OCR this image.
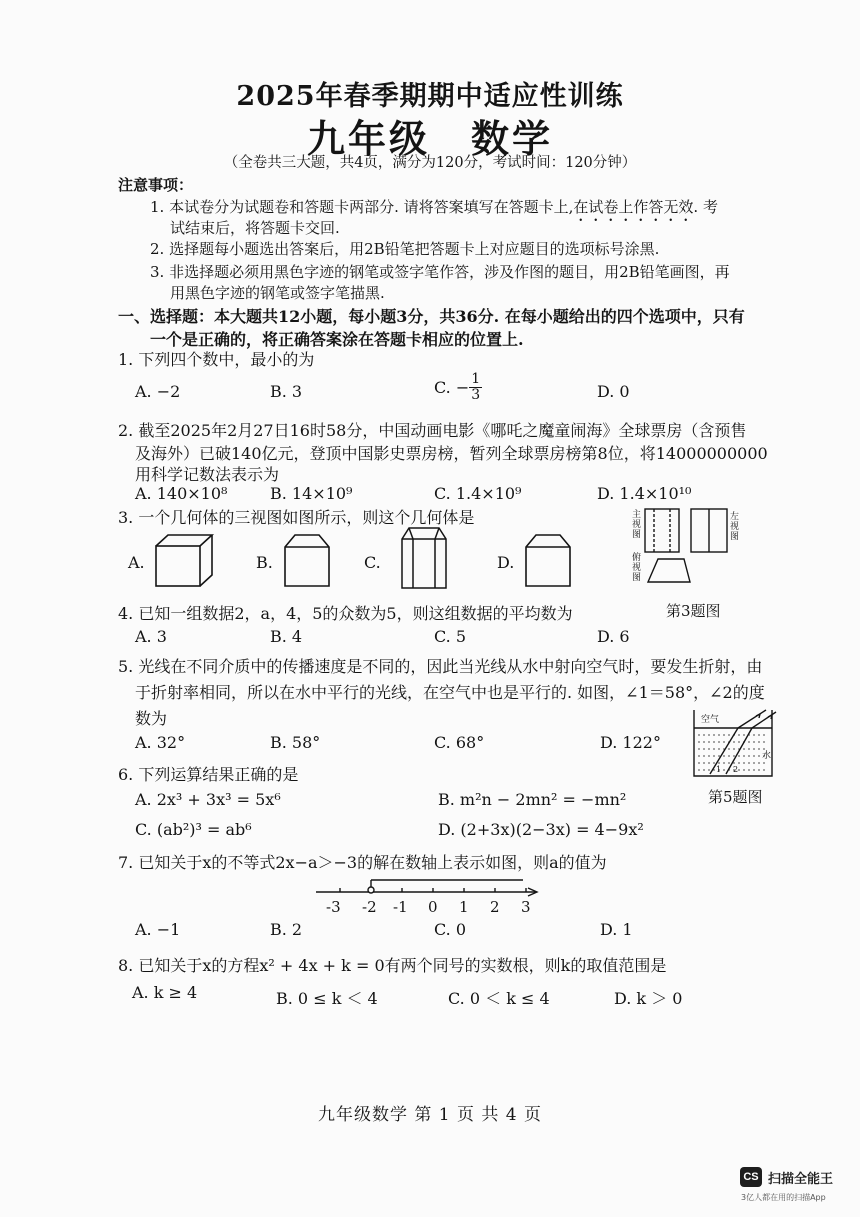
2025年春季期期中适应性训练
九年级　数学
（全卷共三大题，共4页，满分为120分，考试时间：120分钟）
注意事项：
1. 本试卷分为试题卷和答题卡两部分. 请将答案填写在答题卡上,在试卷上作答无效. 考
试结束后，将答题卡交回.
2. 选择题每小题选出答案后，用2B铅笔把答题卡上对应题目的选项标号涂黑.
3. 非选择题必须用黑色字迹的钢笔或签字笔作答，涉及作图的题目，用2B铅笔画图，再
用黑色字迹的钢笔或签字笔描黑.
一、选择题：本大题共12小题，每小题3分，共36分. 在每小题给出的四个选项中，只有
一个是正确的，将正确答案涂在答题卡相应的位置上.
1. 下列四个数中，最小的为
A. −2	B. 3	C. − $\frac{1}{3}$	D. 0
2. 截至2025年2月27日16时58分，中国动画电影《哪吒之魔童闹海》全球票房（含预售
及海外）已破140亿元，登顶中国影史票房榜，暂列全球票房榜第8位，将14000000000
用科学记数法表示为
A. 140×10⁸	B. 14×10⁹	C. 1.4×10⁹	D. 1.4×10¹⁰
3. 一个几何体的三视图如图所示，则这个几何体是
A.	B.	C.	D.
主视图
左视图
俯视图
第3题图
4. 已知一组数据2，a，4，5的众数为5，则这组数据的平均数为
A. 3	B. 4	C. 5	D. 6
5. 光线在不同介质中的传播速度是不同的，因此当光线从水中射向空气时，要发生折射，由
于折射率相同，所以在水中平行的光线，在空气中也是平行的. 如图，∠1＝58°，∠2的度
数为
A. 32°	B. 58°	C. 68°	D. 122°
空气
水
1 2
第5题图
6. 下列运算结果正确的是
A. 2x³ + 3x³ = 5x⁶	B. m²n − 2mn² = −mn²
C. (ab²)³ = ab⁶	D. (2+3x)(2−3x) = 4−9x²
7. 已知关于x的不等式2x−a＞−3的解在数轴上表示如图，则a的值为
-3 -2 -1 0 1 2 3
A. −1	B. 2	C. 0	D. 1
8. 已知关于x的方程x² + 4x + k = 0有两个同号的实数根，则k的取值范围是
A. k ≥ 4	B. 0 ≤ k ＜ 4	C. 0 ＜ k ≤ 4	D. k ＞ 0
九年级数学 第 1 页 共 4 页
CS 扫描全能王
3亿人都在用的扫描App
